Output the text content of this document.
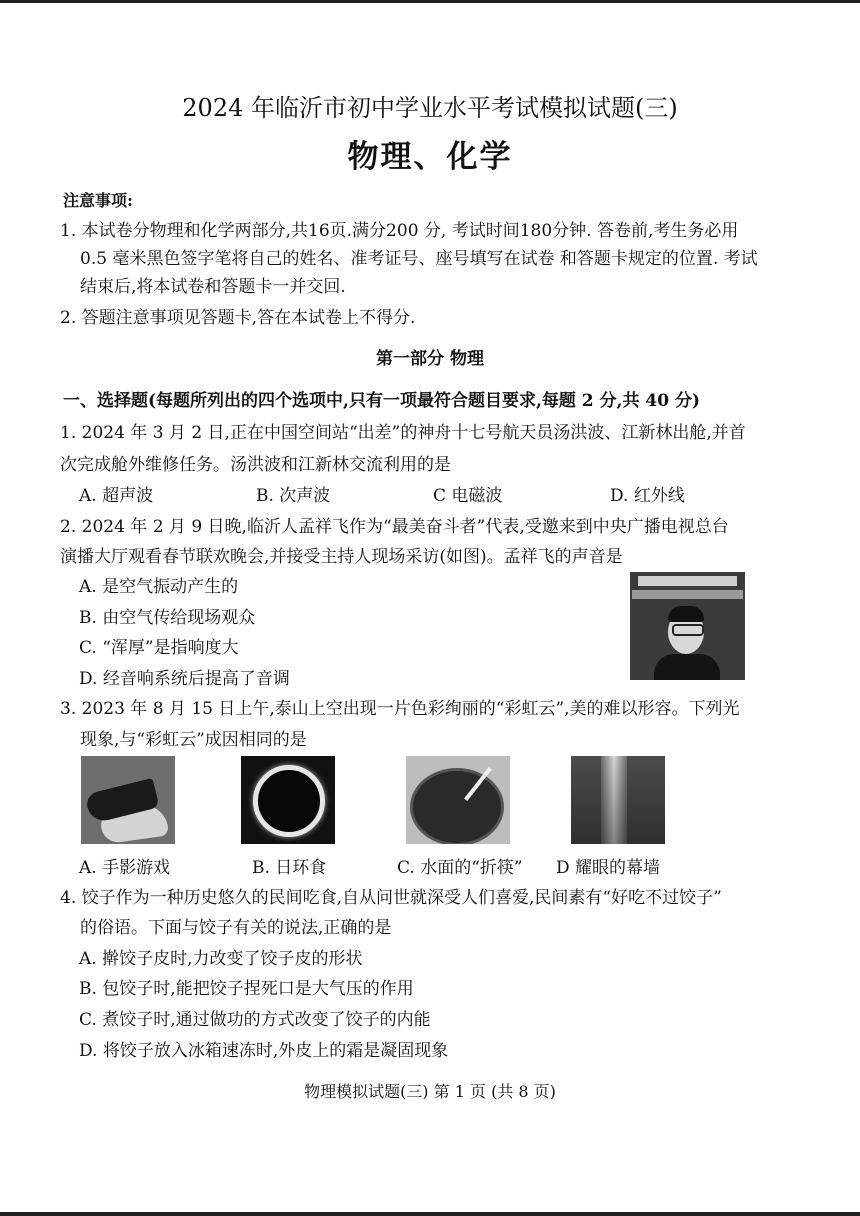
2024 年临沂市初中学业水平考试模拟试题(三)
物理、化学
注意事项:
1. 本试卷分物理和化学两部分,共16页.满分200 分, 考试时间180分钟. 答卷前,考生务必用
0.5 毫米黑色签字笔将自己的姓名、准考证号、座号填写在试卷 和答题卡规定的位置. 考试
结束后,将本试卷和答题卡一并交回.
2. 答题注意事项见答题卡,答在本试卷上不得分.
第一部分 物理
一、选择题(每题所列出的四个选项中,只有一项最符合题目要求,每题 2 分,共 40 分)
1. 2024 年 3 月 2 日,正在中国空间站“出差”的神舟十七号航天员汤洪波、江新林出舱,并首
次完成舱外维修任务。汤洪波和江新林交流利用的是
A. 超声波	B. 次声波	C 电磁波	D. 红外线
2. 2024 年 2 月 9 日晚,临沂人孟祥飞作为“最美奋斗者”代表,受邀来到中央广播电视总台
演播大厅观看春节联欢晚会,并接受主持人现场采访(如图)。孟祥飞的声音是
A. 是空气振动产生的
B. 由空气传给现场观众
C. “浑厚”是指响度大
D. 经音响系统后提高了音调
3. 2023 年 8 月 15 日上午,泰山上空出现一片色彩绚丽的“彩虹云”,美的难以形容。下列光
现象,与“彩虹云”成因相同的是
A. 手影游戏	B. 日环食	C. 水面的“折筷” D 耀眼的幕墙
4. 饺子作为一种历史悠久的民间吃食,自从问世就深受人们喜爱,民间素有“好吃不过饺子”
的俗语。下面与饺子有关的说法,正确的是
A. 擀饺子皮时,力改变了饺子皮的形状
B. 包饺子时,能把饺子捏死口是大气压的作用
C. 煮饺子时,通过做功的方式改变了饺子的内能
D. 将饺子放入冰箱速冻时,外皮上的霜是凝固现象
物理模拟试题(三) 第 1 页 (共 8 页)
